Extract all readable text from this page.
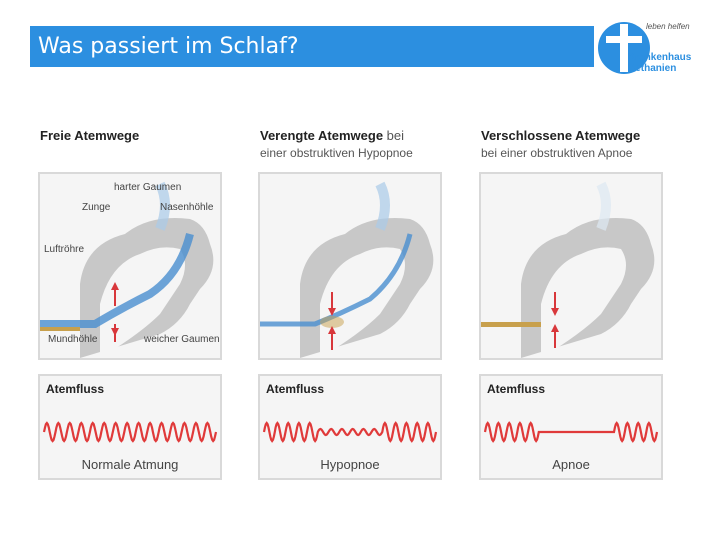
Was passiert im Schlaf?
leben helfen
Krankenhaus
Bethanien
Freie Atemwege	Verengte Atemwege bei
einer obstruktiven Hypopnoe
Verschlossene Atemwege
bei einer obstruktiven Apnoe
harter Gaumen
Zunge	Nasenhöhle
Luftröhre
Mundhöhle	weicher Gaumen
Atemfluss
Normale Atmung
Atemfluss
Hypopnoe
Atemfluss
Apnoe
